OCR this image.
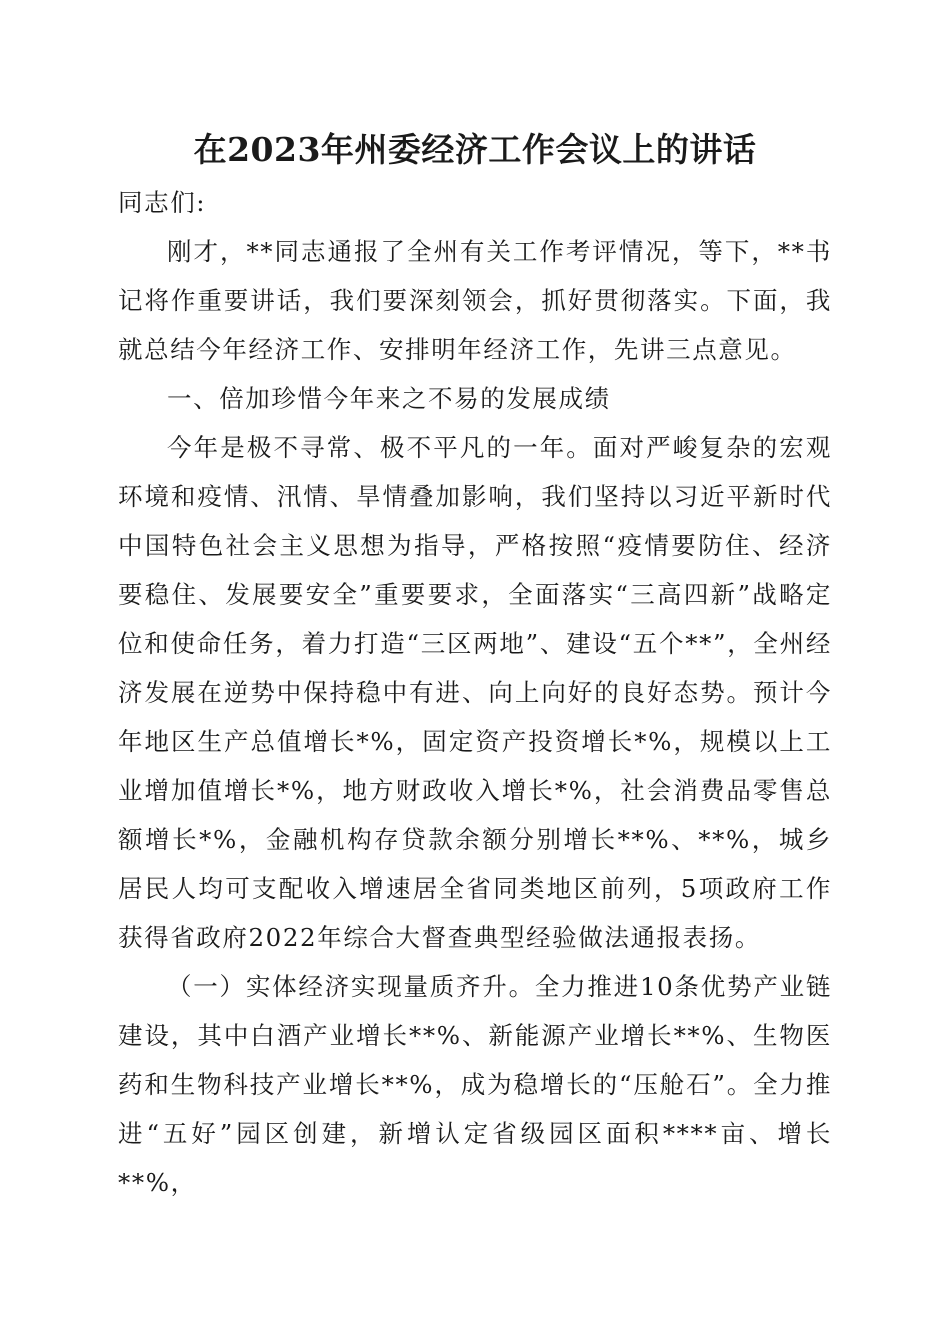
在2023年州委经济工作会议上的讲话

同志们:

刚才，**同志通报了全州有关工作考评情况，等下，**书记将作重要讲话，我们要深刻领会，抓好贯彻落实。下面，我就总结今年经济工作、安排明年经济工作，先讲三点意见。

一、倍加珍惜今年来之不易的发展成绩

今年是极不寻常、极不平凡的一年。面对严峻复杂的宏观环境和疫情、汛情、旱情叠加影响，我们坚持以习近平新时代中国特色社会主义思想为指导，严格按照“疫情要防住、经济要稳住、发展要安全”重要要求，全面落实“三高四新”战略定位和使命任务，着力打造“三区两地”、建设“五个**”，全州经济发展在逆势中保持稳中有进、向上向好的良好态势。预计今年地区生产总值增长*%，固定资产投资增长*%，规模以上工业增加值增长*%，地方财政收入增长*%，社会消费品零售总额增长*%，金融机构存贷款余额分别增长**%、**%，城乡居民人均可支配收入增速居全省同类地区前列，5项政府工作获得省政府2022年综合大督查典型经验做法通报表扬。

（一）实体经济实现量质齐升。全力推进10条优势产业链建设，其中白酒产业增长**%、新能源产业增长**%、生物医药和生物科技产业增长**%，成为稳增长的“压舱石”。全力推进“五好”园区创建，新增认定省级园区面积****亩、增长**%，
